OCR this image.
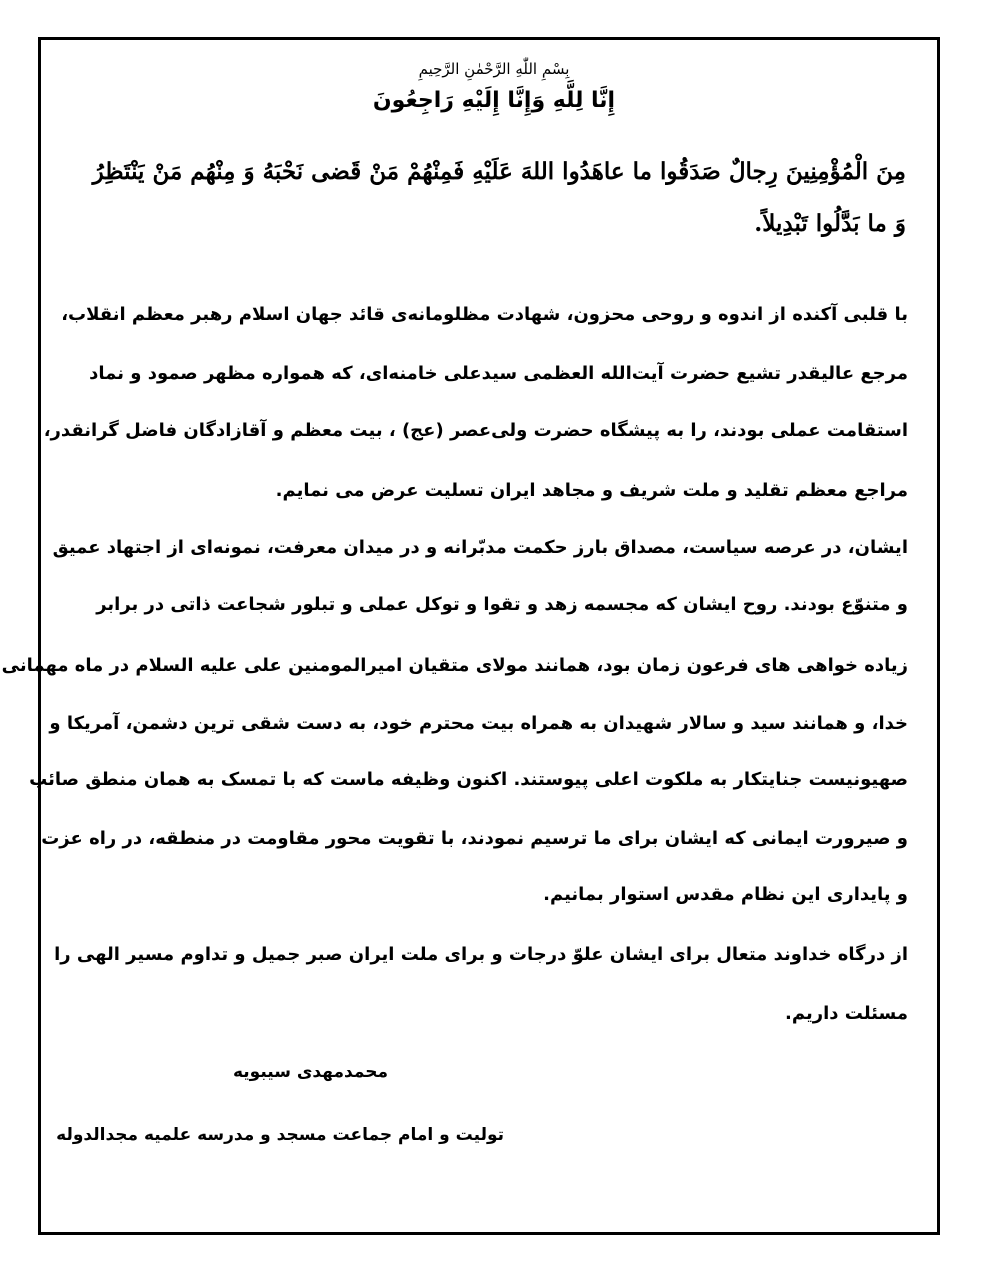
بِسْمِ اللّٰهِ الرَّحْمٰنِ الرَّحِيمِ
إِنَّا لِلَّهِ وَإِنَّا إِلَيْهِ رَاجِعُونَ
مِنَ الْمُؤْمِنِينَ رِجالٌ صَدَقُوا ما عاهَدُوا اللهَ عَلَيْهِ فَمِنْهُمْ مَنْ قَضى نَحْبَهُ وَ مِنْهُم مَنْ يَنْتَظِرُ
وَ ما بَدَّلُوا تَبْدِيلاً.
با قلبی آکنده از اندوه و روحی محزون، شهادت مظلومانه‌ی قائد جهان اسلام رهبر معظم انقلاب،
مرجع عالیقدر تشیع حضرت آیت‌الله العظمی سیدعلی خامنه‌ای، که همواره مظهر صمود و نماد
استقامت عملی بودند، را به پیشگاه حضرت ولی‌عصر (عج) ، بیت معظم و آقازادگان فاضل گرانقدر،
مراجع معظم تقلید و ملت شریف و مجاهد ایران تسلیت عرض می نمایم.
ایشان، در عرصه سیاست، مصداق بارز حکمت مدبّرانه و در میدان معرفت، نمونه‌ای از اجتهاد عمیق
و متنوّع بودند. روح ایشان که مجسمه زهد و تقوا و توکل عملی و تبلور شجاعت ذاتی در برابر
زیاده خواهی های فرعون زمان بود، همانند مولای متقیان امیرالمومنین علی علیه السلام در ماه مهمانی
خدا، و همانند سید و سالار شهیدان به همراه بیت محترم خود، به دست شقی ترین دشمن، آمریکا و
صهیونیست جنایتکار به ملکوت اعلی پیوستند. اکنون وظیفه ماست که با تمسک به همان منطق صائب
و صیرورت ایمانی که ایشان برای ما ترسیم نمودند، با تقویت محور مقاومت در منطقه، در راه عزت
و پایداری این نظام مقدس استوار بمانیم.
از درگاه خداوند متعال برای ایشان علوّ درجات و برای ملت ایران صبر جمیل و تداوم مسیر الهی را
مسئلت داریم.
محمدمهدی سیبویه
تولیت و امام جماعت مسجد و مدرسه علمیه مجدالدوله
